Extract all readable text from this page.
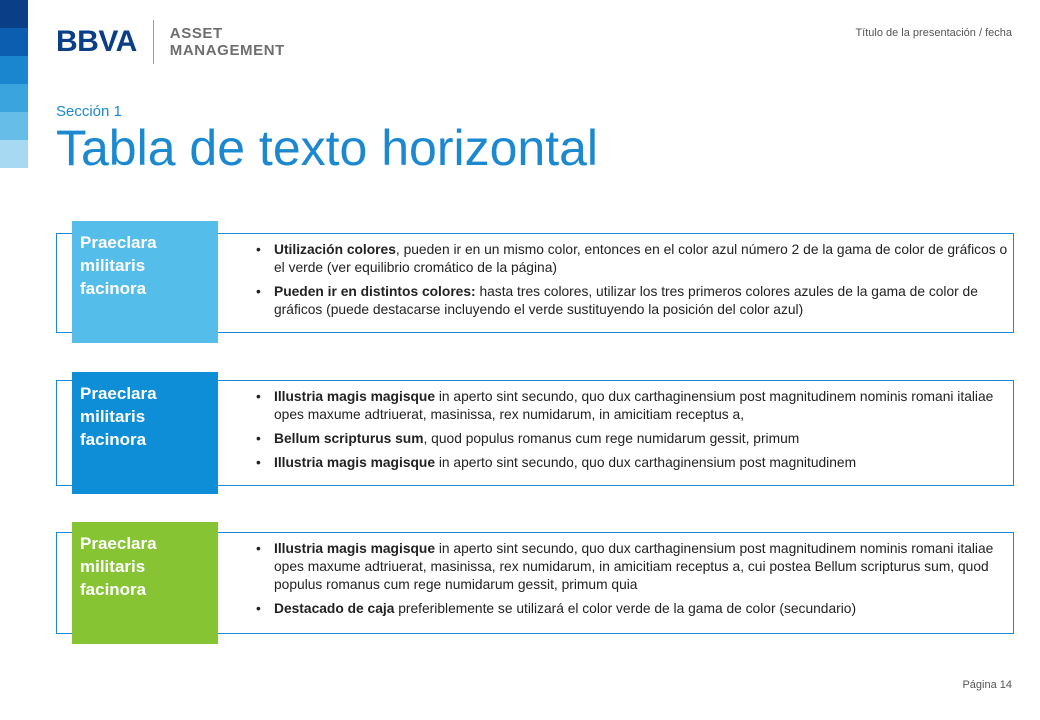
BBVA ASSET
MANAGEMENT
Título de la presentación / fecha
Sección 1
Tabla de texto horizontal
Praeclara
militaris
facinora
• Utilización colores, pueden ir en un mismo color, entonces en el color azul número 2 de la gama de color de gráficos o el verde (ver equilibrio cromático de la página)
• Pueden ir en distintos colores: hasta tres colores, utilizar los tres primeros colores azules de la gama de color de gráficos (puede destacarse incluyendo el verde sustituyendo la posición del color azul)
Praeclara
militaris
facinora
• Illustria magis magisque in aperto sint secundo, quo dux carthaginensium post magnitudinem nominis romani italiae opes maxume adtriuerat, masinissa, rex numidarum, in amicitiam receptus a,
• Bellum scripturus sum, quod populus romanus cum rege numidarum gessit, primum
• Illustria magis magisque in aperto sint secundo, quo dux carthaginensium post magnitudinem
Praeclara
militaris
facinora
• Illustria magis magisque in aperto sint secundo, quo dux carthaginensium post magnitudinem nominis romani italiae opes maxume adtriuerat, masinissa, rex numidarum, in amicitiam receptus a, cui postea Bellum scripturus sum, quod populus romanus cum rege numidarum gessit, primum quia
• Destacado de caja preferiblemente se utilizará el color verde de la gama de color (secundario)
Página 14
